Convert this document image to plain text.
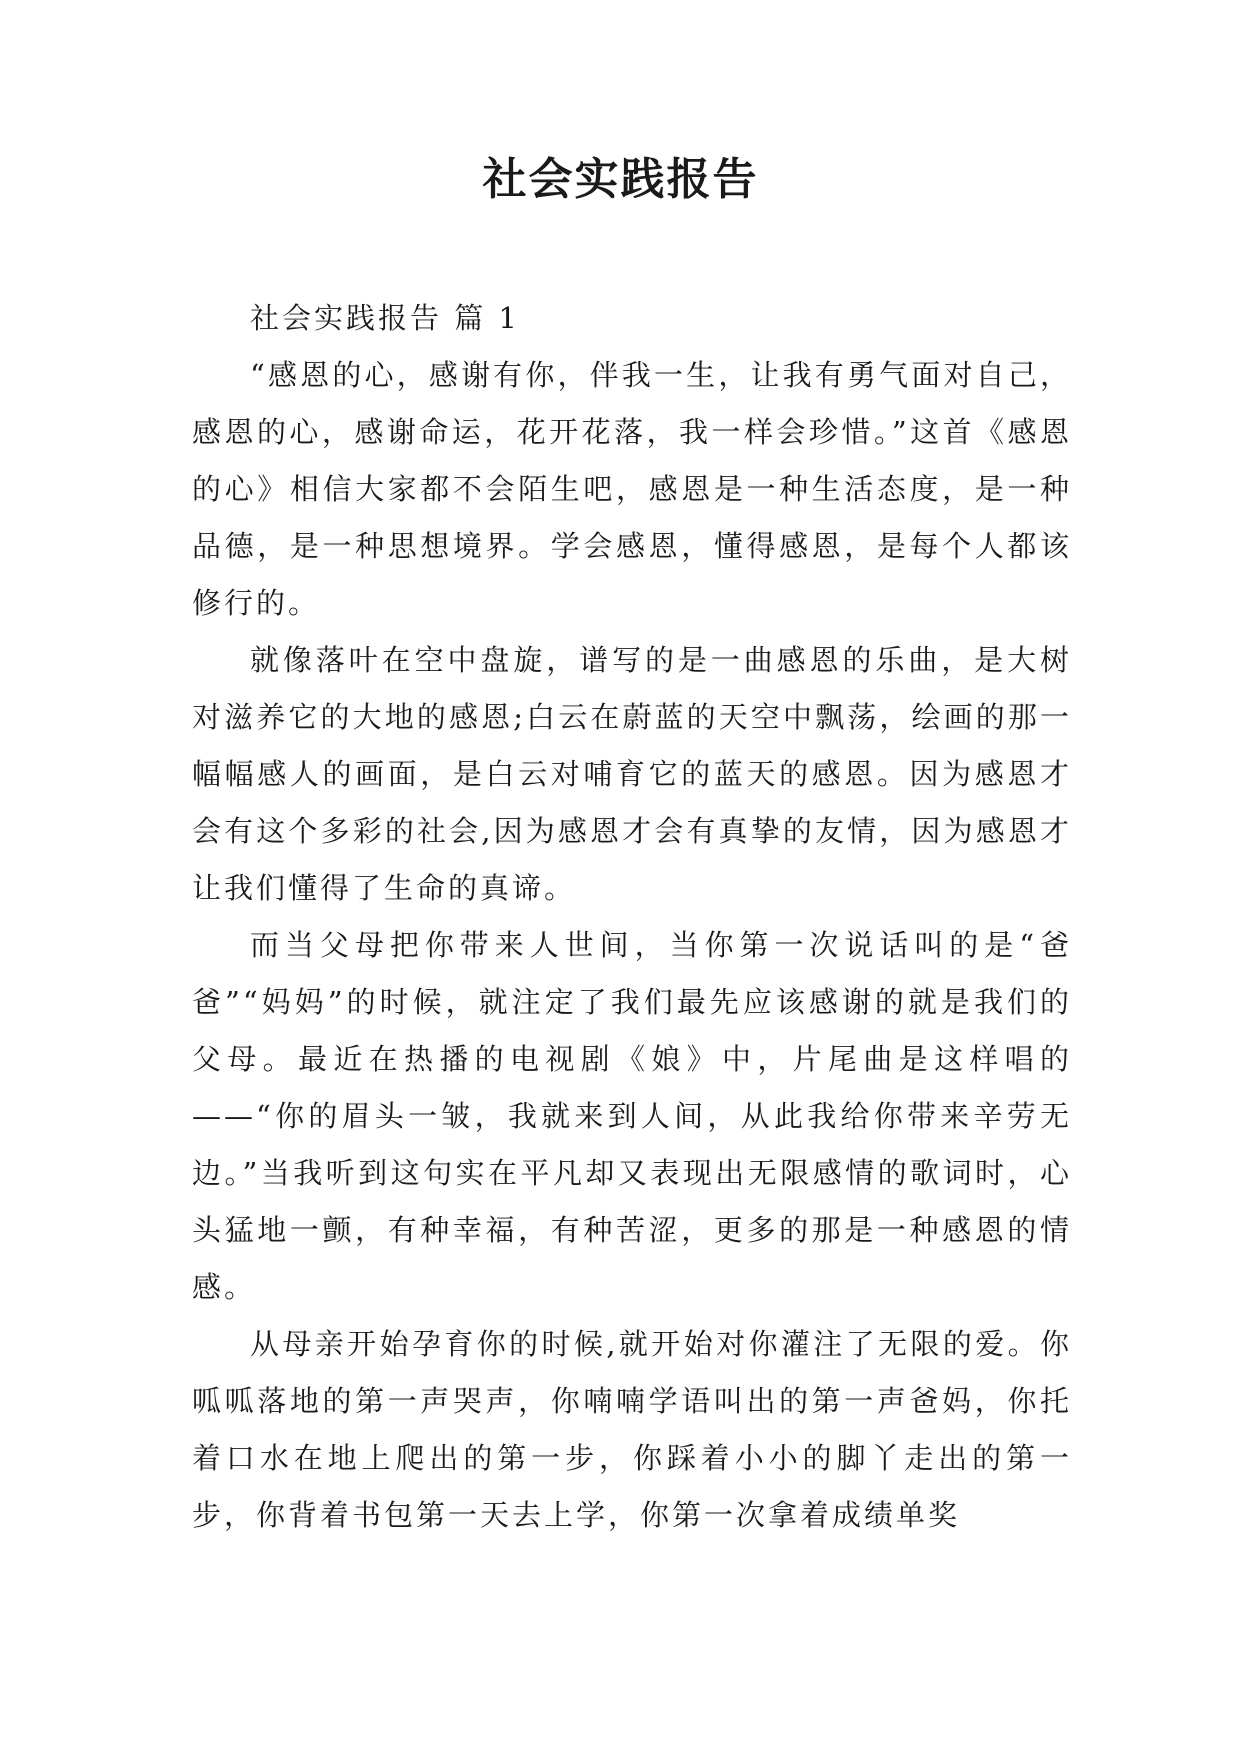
社会实践报告

社会实践报告 篇 1

“感恩的心，感谢有你，伴我一生，让我有勇气面对自己，感恩的心，感谢命运，花开花落，我一样会珍惜。”这首《感恩的心》相信大家都不会陌生吧，感恩是一种生活态度，是一种品德，是一种思想境界。学会感恩，懂得感恩，是每个人都该修行的。

就像落叶在空中盘旋，谱写的是一曲感恩的乐曲，是大树对滋养它的大地的感恩;白云在蔚蓝的天空中飘荡，绘画的那一幅幅感人的画面，是白云对哺育它的蓝天的感恩。因为感恩才会有这个多彩的社会,因为感恩才会有真挚的友情，因为感恩才让我们懂得了生命的真谛。

而当父母把你带来人世间，当你第一次说话叫的是“爸爸”“妈妈”的时候，就注定了我们最先应该感谢的就是我们的父母。最近在热播的电视剧《娘》中，片尾曲是这样唱的——“你的眉头一皱，我就来到人间，从此我给你带来辛劳无边。”当我听到这句实在平凡却又表现出无限感情的歌词时，心头猛地一颤，有种幸福，有种苦涩，更多的那是一种感恩的情感。

从母亲开始孕育你的时候,就开始对你灌注了无限的爱。你呱呱落地的第一声哭声，你喃喃学语叫出的第一声爸妈，你托着口水在地上爬出的第一步，你踩着小小的脚丫走出的第一步，你背着书包第一天去上学，你第一次拿着成绩单奖
